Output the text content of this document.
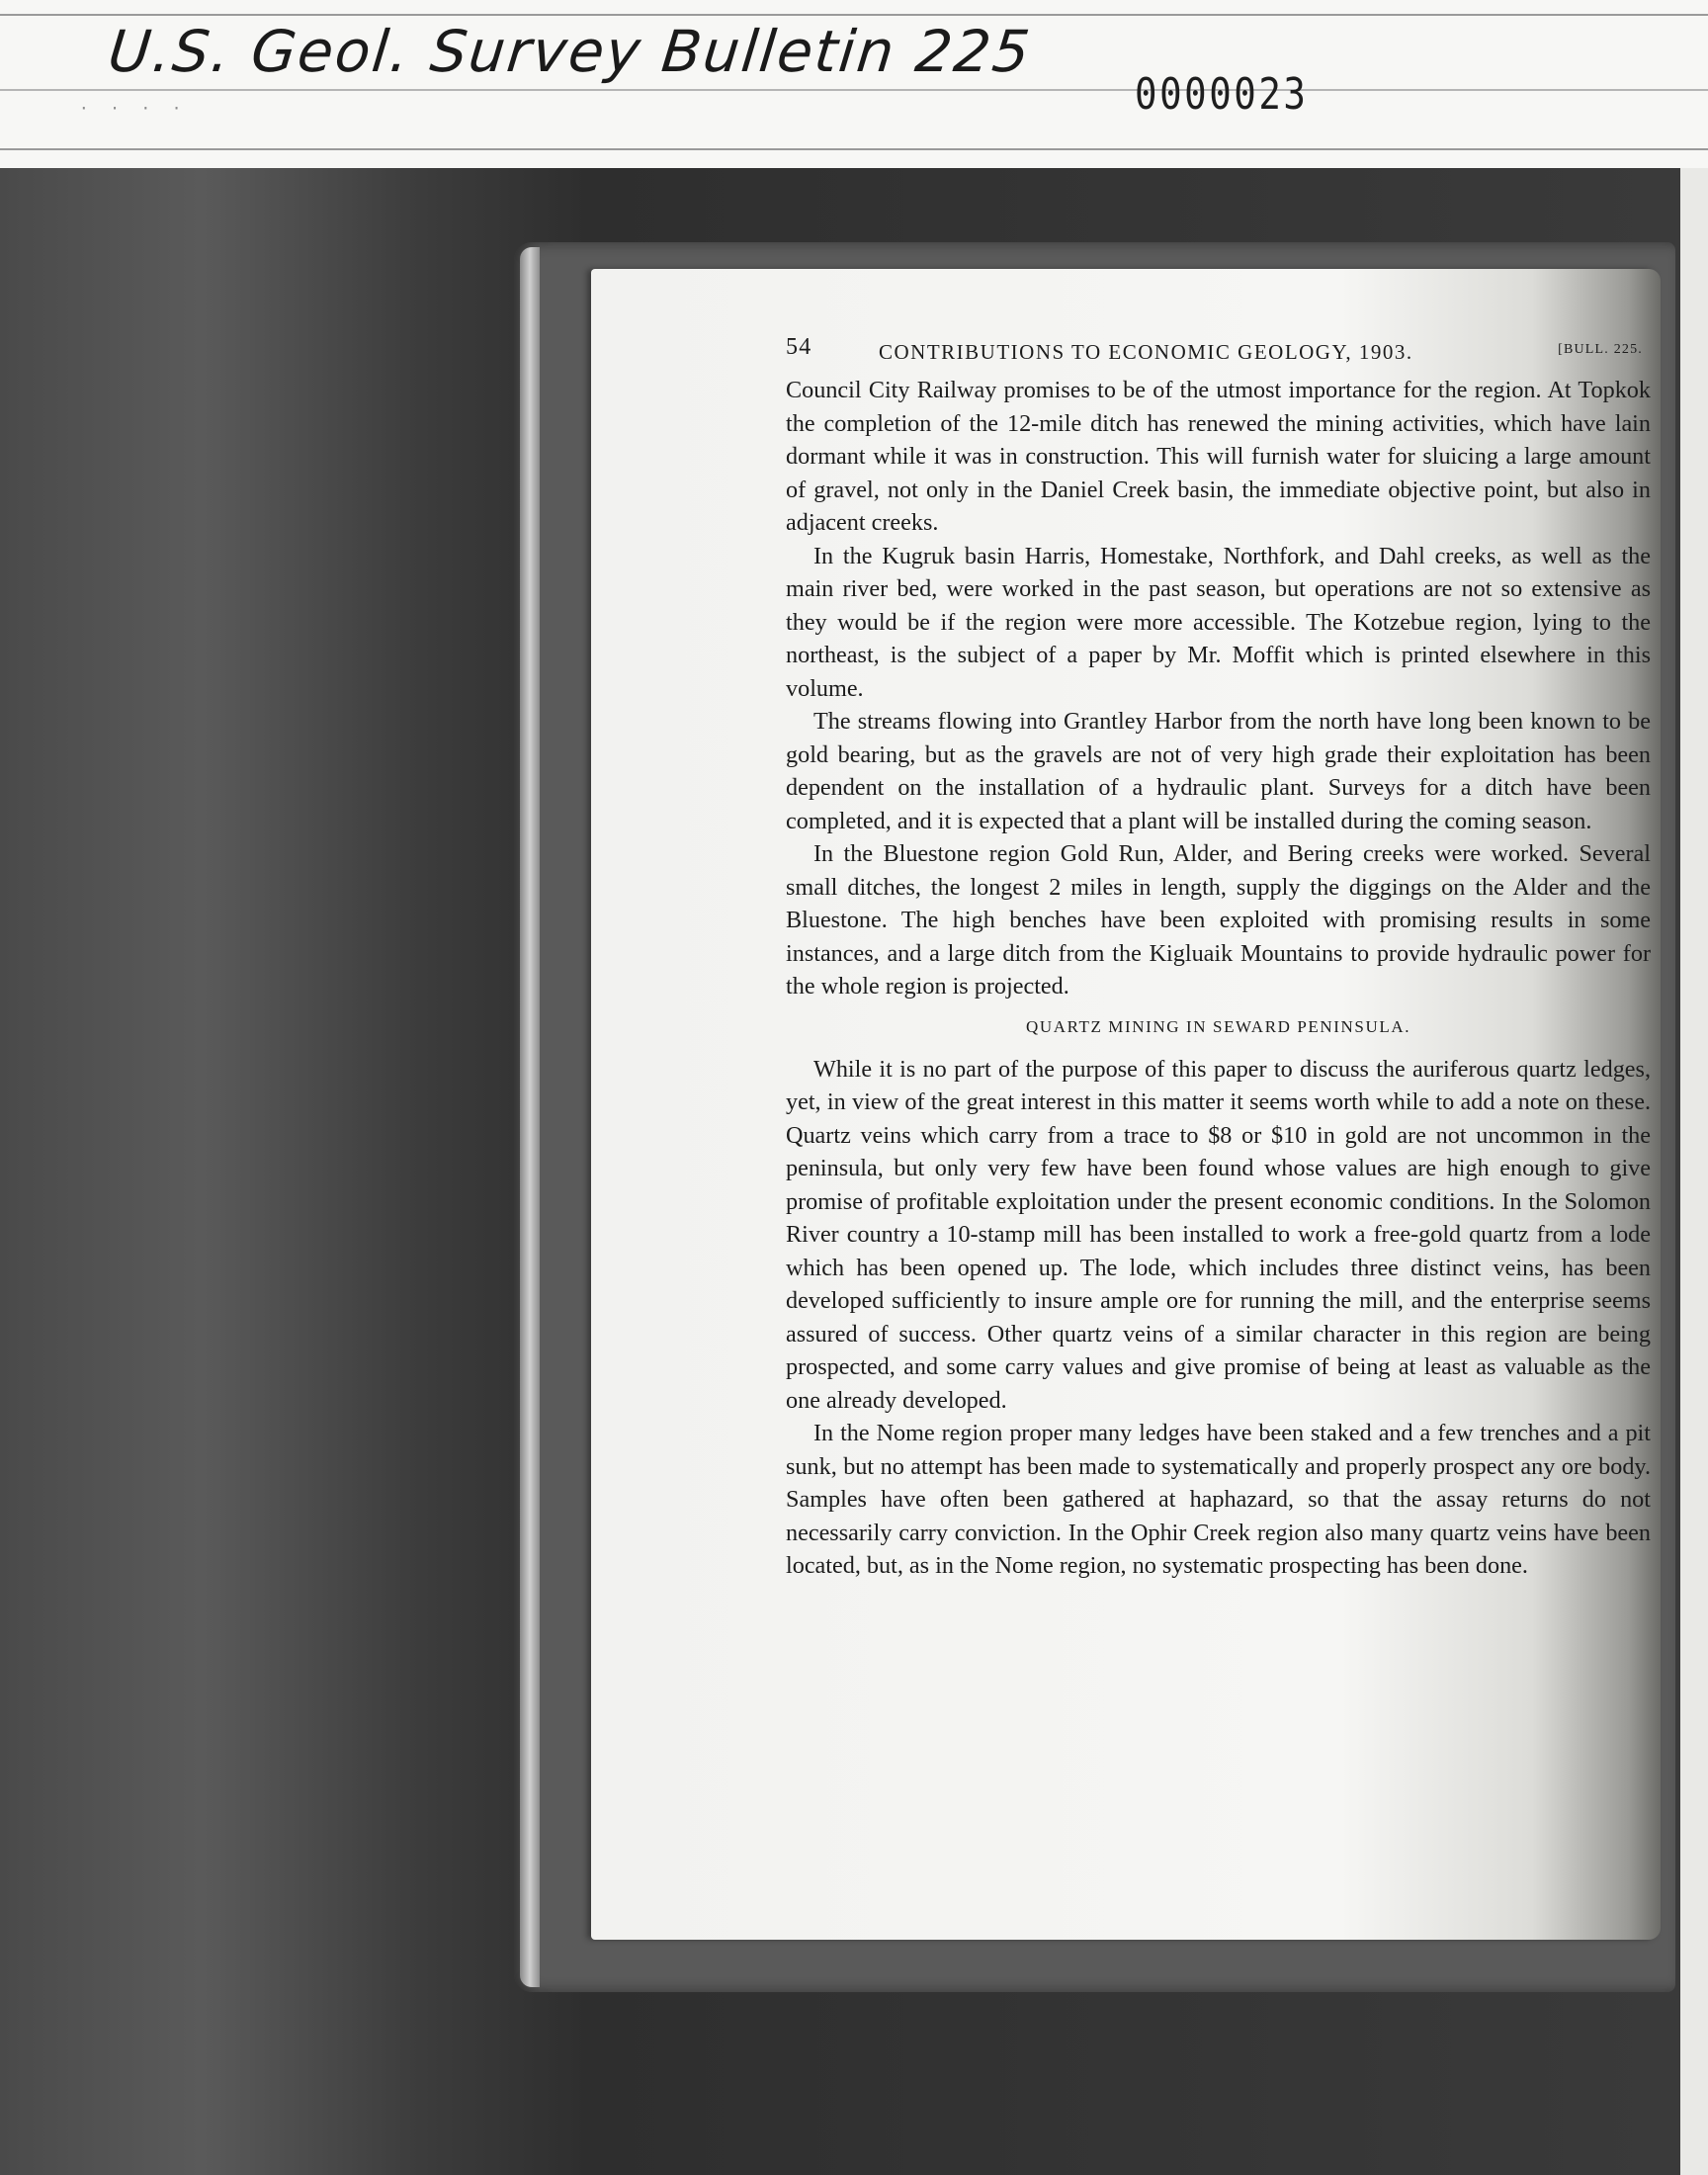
· · · ·
U.S. Geol. Survey Bulletin 225
0000023
54	CONTRIBUTIONS TO ECONOMIC GEOLOGY, 1903.	[BULL. 225.

Council City Railway promises to be of the utmost importance for the region. At Topkok the completion of the 12-mile ditch has renewed the mining activities, which have lain dormant while it was in construction. This will furnish water for sluicing a large amount of gravel, not only in the Daniel Creek basin, the immediate objective point, but also in adjacent creeks.

In the Kugruk basin Harris, Homestake, Northfork, and Dahl creeks, as well as the main river bed, were worked in the past season, but operations are not so extensive as they would be if the region were more accessible. The Kotzebue region, lying to the northeast, is the subject of a paper by Mr. Moffit which is printed elsewhere in this volume.

The streams flowing into Grantley Harbor from the north have long been known to be gold bearing, but as the gravels are not of very high grade their exploitation has been dependent on the installation of a hydraulic plant. Surveys for a ditch have been completed, and it is expected that a plant will be installed during the coming season.

In the Bluestone region Gold Run, Alder, and Bering creeks were worked. Several small ditches, the longest 2 miles in length, supply the diggings on the Alder and the Bluestone. The high benches have been exploited with promising results in some instances, and a large ditch from the Kigluaik Mountains to provide hydraulic power for the whole region is projected.

QUARTZ MINING IN SEWARD PENINSULA.

While it is no part of the purpose of this paper to discuss the auriferous quartz ledges, yet, in view of the great interest in this matter it seems worth while to add a note on these. Quartz veins which carry from a trace to $8 or $10 in gold are not uncommon in the peninsula, but only very few have been found whose values are high enough to give promise of profitable exploitation under the present economic conditions. In the Solomon River country a 10-stamp mill has been installed to work a free-gold quartz from a lode which has been opened up. The lode, which includes three distinct veins, has been developed sufficiently to insure ample ore for running the mill, and the enterprise seems assured of success. Other quartz veins of a similar character in this region are being prospected, and some carry values and give promise of being at least as valuable as the one already developed.

In the Nome region proper many ledges have been staked and a few trenches and a pit sunk, but no attempt has been made to systematically and properly prospect any ore body. Samples have often been gathered at haphazard, so that the assay returns do not necessarily carry conviction. In the Ophir Creek region also many quartz veins have been located, but, as in the Nome region, no systematic prospecting has been done.
